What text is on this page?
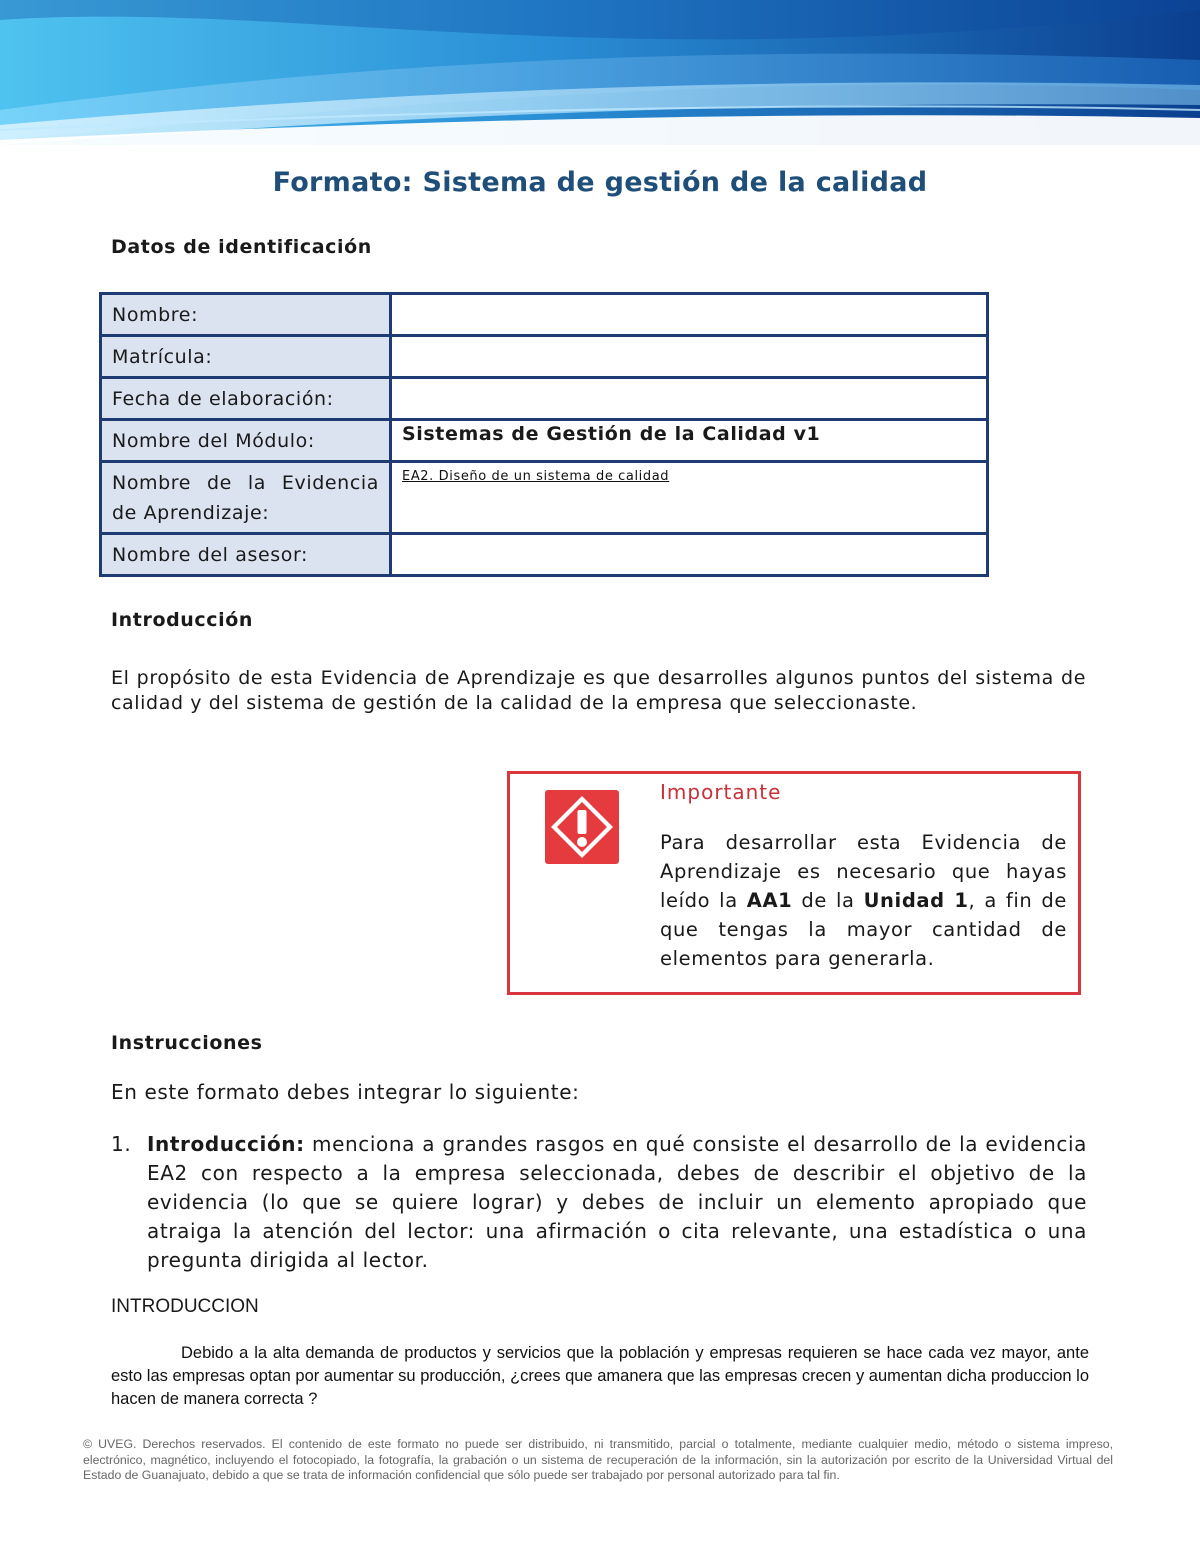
Formato: Sistema de gestión de la calidad
Datos de identificación
Nombre:	
Matrícula:	
Fecha de elaboración:	
Nombre del Módulo:	Sistemas de Gestión de la Calidad v1
Nombre de la Evidencia de Aprendizaje:	EA2. Diseño de un sistema de calidad
Nombre del asesor:	
Introducción
El propósito de esta Evidencia de Aprendizaje es que desarrolles algunos puntos del sistema de calidad y del sistema de gestión de la calidad de la empresa que seleccionaste.
Importante
Para desarrollar esta Evidencia de Aprendizaje es necesario que hayas leído la AA1 de la Unidad 1, a fin de que tengas la mayor cantidad de elementos para generarla.
Instrucciones
En este formato debes integrar lo siguiente:
1. Introducción: menciona a grandes rasgos en qué consiste el desarrollo de la evidencia EA2 con respecto a la empresa seleccionada, debes de describir el objetivo de la evidencia (lo que se quiere lograr) y debes de incluir un elemento apropiado que atraiga la atención del lector: una afirmación o cita relevante, una estadística o una pregunta dirigida al lector.
INTRODUCCION
Debido a la alta demanda de productos y servicios que la población y empresas requieren se hace cada vez mayor, ante esto las empresas optan por aumentar su producción, ¿crees que amanera que las empresas crecen y aumentan dicha produccion lo hacen de manera correcta ?
© UVEG. Derechos reservados. El contenido de este formato no puede ser distribuido, ni transmitido, parcial o totalmente, mediante cualquier medio, método o sistema impreso, electrónico, magnético, incluyendo el fotocopiado, la fotografía, la grabación o un sistema de recuperación de la información, sin la autorización por escrito de la Universidad Virtual del Estado de Guanajuato, debido a que se trata de información confidencial que sólo puede ser trabajado por personal autorizado para tal fin.
